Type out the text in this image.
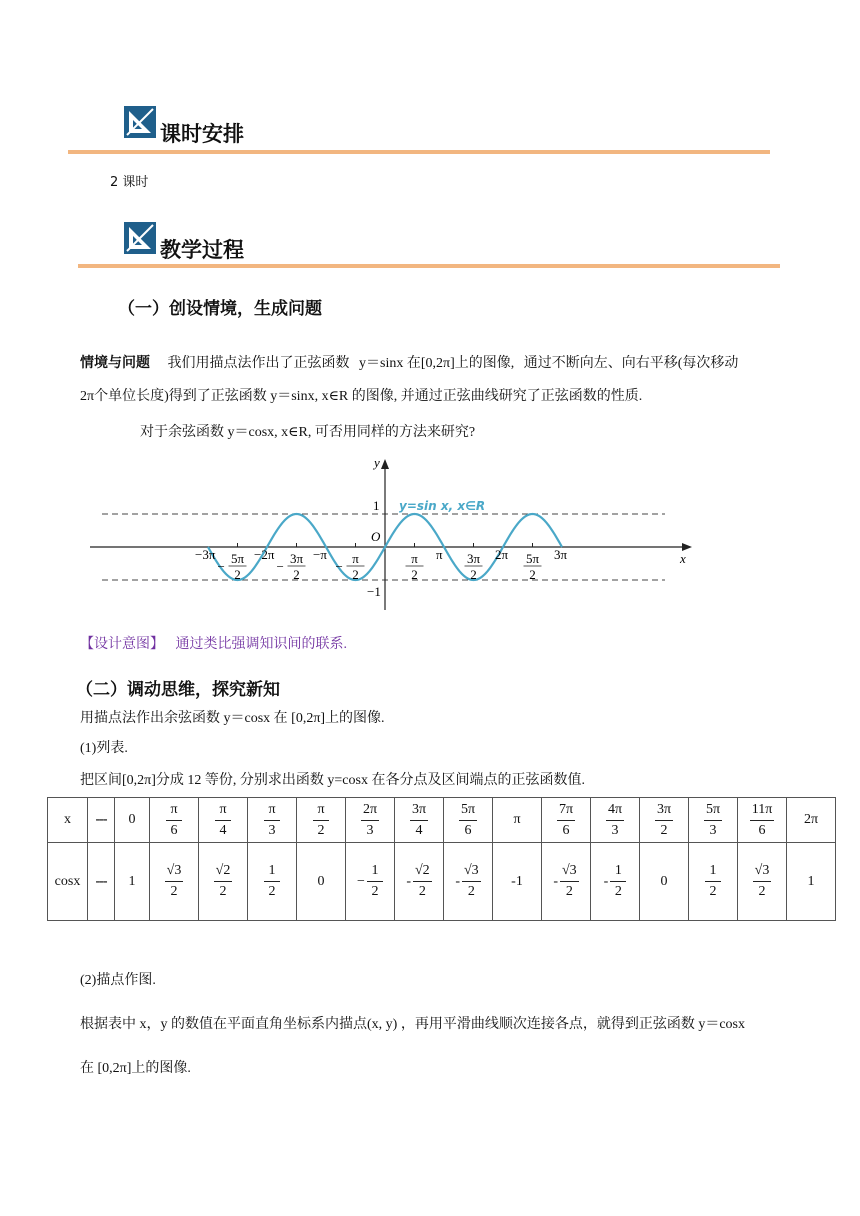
课时安排
2 课时
教学过程
（一）创设情境，生成问题
情境与问题 我们用描点法作出了正弦函数 y＝sinx 在[0,2π]上的图像, 通过不断向左、向右平移(每次移动
2π个单位长度)得到了正弦函数 y＝sinx, x∈R 的图像, 并通过正弦曲线研究了正弦函数的性质.
对于余弦函数 y＝cosx, x∈R, 可否用同样的方法来研究?
y
x
O
1
−1
y=sin x, x∈R
−3π	−2π	−π	π	2π	3π
5π
2
−
3π
2
−
π
2
−
π
2
3π
2
5π
2
【设计意图】 通过类比强调知识间的联系.
（二）调动思维，探究新知
用描点法作出余弦函数 y＝cosx 在 [0,2π]上的图像.
(1)列表.
把区间[0,2π]分成 12 等份, 分别求出函数 y=cosx 在各分点及区间端点的正弦函数值.
x	---	0	$\frac{\pi}{6}$	$\frac{\pi}{4}$	$\frac{\pi}{3}$	$\frac{\pi}{2}$	$\frac{2\pi}{3}$	$\frac{3\pi}{4}$	$\frac{5\pi}{6}$	π	$\frac{7\pi}{6}$	$\frac{4\pi}{3}$	$\frac{3\pi}{2}$	$\frac{5\pi}{3}$	$\frac{11\pi}{6}$	2π
cosx	---	1	$\frac{√3}{2}$	$\frac{√2}{2}$	$\frac{1}{2}$	0	− $\frac{1}{2}$	- $\frac{√2}{2}$	- $\frac{√3}{2}$	-1	- $\frac{√3}{2}$	- $\frac{1}{2}$	0	$\frac{1}{2}$	$\frac{√3}{2}$	1
(2)描点作图.
根据表中 x，y 的数值在平面直角坐标系内描点(x, y) ，再用平滑曲线顺次连接各点，就得到正弦函数 y＝cosx
在 [0,2π]上的图像.
